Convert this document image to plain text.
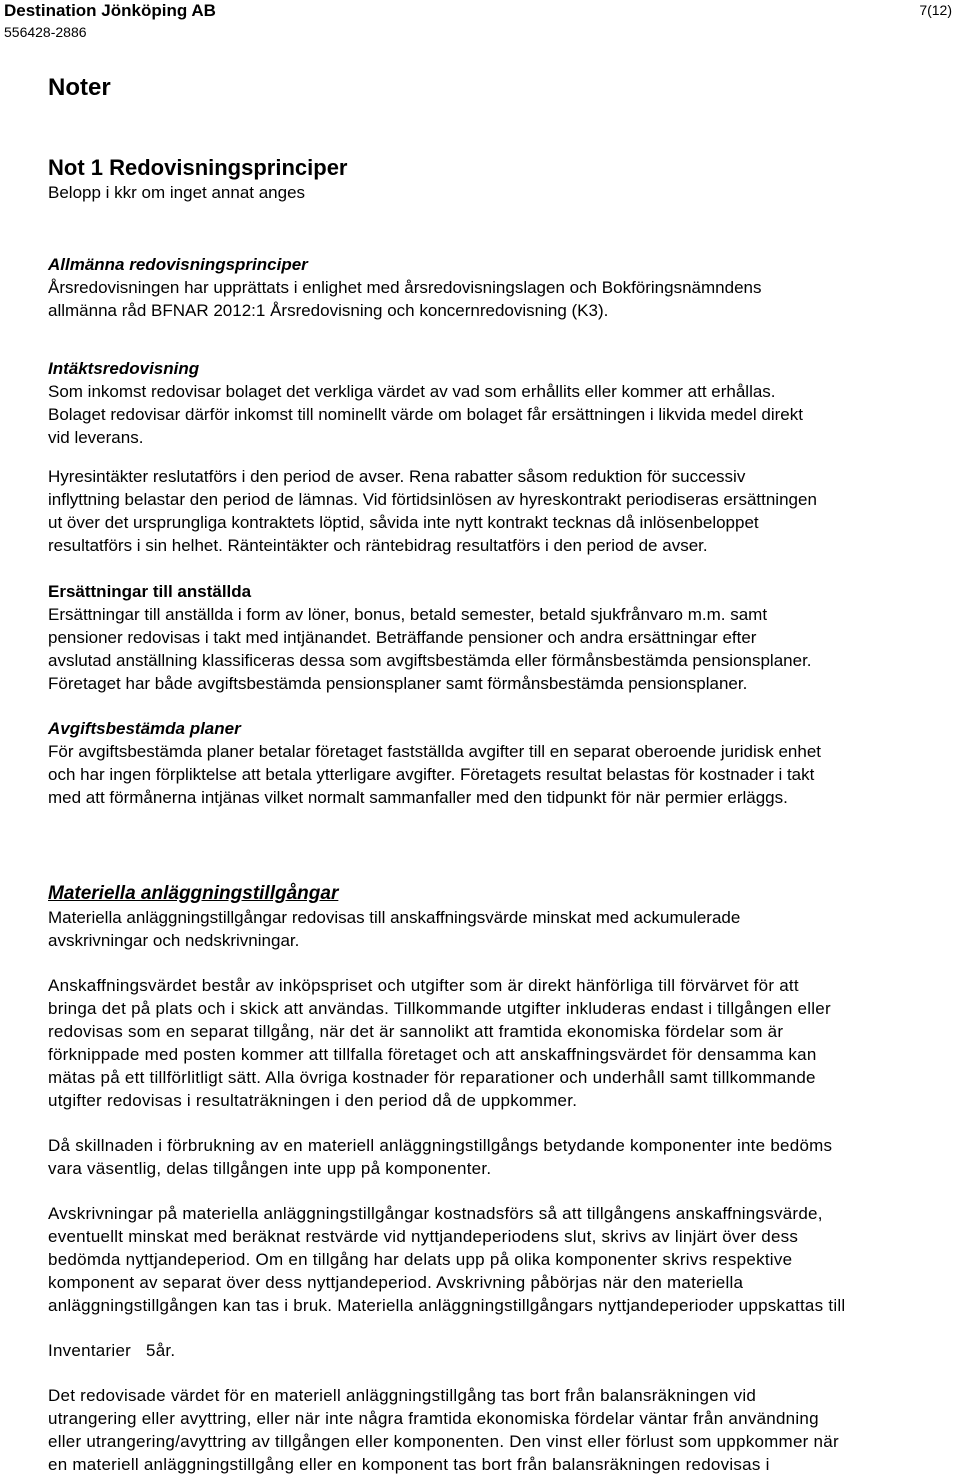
Destination Jönköping AB
556428-2886
7(12)
Noter
Not 1 Redovisningsprinciper
Belopp i kkr om inget annat anges
Allmänna redovisningsprinciper

Årsredovisningen har upprättats i enlighet med årsredovisningslagen och Bokföringsnämndens

allmänna råd BFNAR 2012:1 Årsredovisning och koncernredovisning (K3).

Intäktsredovisning

Som inkomst redovisar bolaget det verkliga värdet av vad som erhållits eller kommer att erhållas.

Bolaget redovisar därför inkomst till nominellt värde om bolaget får ersättningen i likvida medel direkt

vid leverans.

Hyresintäkter reslutatförs i den period de avser. Rena rabatter såsom reduktion för successiv

inflyttning belastar den period de lämnas. Vid förtidsinlösen av hyreskontrakt periodiseras ersättningen

ut över det ursprungliga kontraktets löptid, såvida inte nytt kontrakt tecknas då inlösenbeloppet

resultatförs i sin helhet. Ränteintäkter och räntebidrag resultatförs i den period de avser.

Ersättningar till anställda

Ersättningar till anställda i form av löner, bonus, betald semester, betald sjukfrånvaro m.m. samt

pensioner redovisas i takt med intjänandet. Beträffande pensioner och andra ersättningar efter

avslutad anställning klassificeras dessa som avgiftsbestämda eller förmånsbestämda pensionsplaner.

Företaget har både avgiftsbestämda pensionsplaner samt förmånsbestämda pensionsplaner.

Avgiftsbestämda planer

För avgiftsbestämda planer betalar företaget fastställda avgifter till en separat oberoende juridisk enhet

och har ingen förpliktelse att betala ytterligare avgifter. Företagets resultat belastas för kostnader i takt

med att förmånerna intjänas vilket normalt sammanfaller med den tidpunkt för när permier erläggs.

Materiella anläggningstillgångar

Materiella anläggningstillgångar redovisas till anskaffningsvärde minskat med ackumulerade

avskrivningar och nedskrivningar.

Anskaffningsvärdet består av inköpspriset och utgifter som är direkt hänförliga till förvärvet för att

bringa det på plats och i skick att användas. Tillkommande utgifter inkluderas endast i tillgången eller

redovisas som en separat tillgång, när det är sannolikt att framtida ekonomiska fördelar som är

förknippade med posten kommer att tillfalla företaget och att anskaffningsvärdet för densamma kan

mätas på ett tillförlitligt sätt. Alla övriga kostnader för reparationer och underhåll samt tillkommande

utgifter redovisas i resultaträkningen i den period då de uppkommer.

Då skillnaden i förbrukning av en materiell anläggningstillgångs betydande komponenter inte bedöms

vara väsentlig, delas tillgången inte upp på komponenter.

Avskrivningar på materiella anläggningstillgångar kostnadsförs så att tillgångens anskaffningsvärde,

eventuellt minskat med beräknat restvärde vid nyttjandeperiodens slut, skrivs av linjärt över dess

bedömda nyttjandeperiod. Om en tillgång har delats upp på olika komponenter skrivs respektive

komponent av separat över dess nyttjandeperiod. Avskrivning påbörjas när den materiella

anläggningstillgången kan tas i bruk. Materiella anläggningstillgångars nyttjandeperioder uppskattas till

Inventarier   5år.

Det redovisade värdet för en materiell anläggningstillgång tas bort från balansräkningen vid

utrangering eller avyttring, eller när inte några framtida ekonomiska fördelar väntar från användning

eller utrangering/avyttring av tillgången eller komponenten. Den vinst eller förlust som uppkommer när

en materiell anläggningstillgång eller en komponent tas bort från balansräkningen redovisas i
